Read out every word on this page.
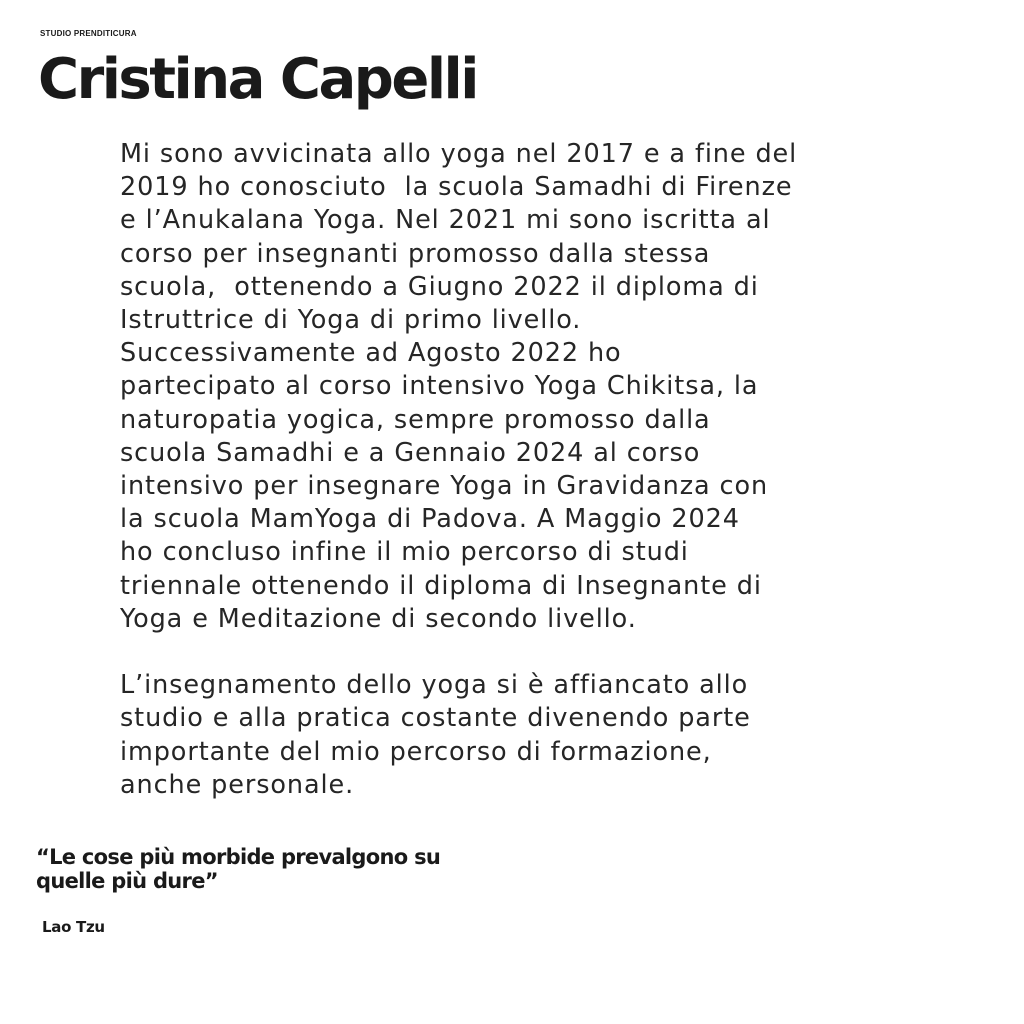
STUDIO PRENDITICURA
Cristina Capelli
Mi sono avvicinata allo yoga nel 2017 e a fine del
2019 ho conosciuto  la scuola Samadhi di Firenze
e l’Anukalana Yoga. Nel 2021 mi sono iscritta al
corso per insegnanti promosso dalla stessa
scuola,  ottenendo a Giugno 2022 il diploma di
Istruttrice di Yoga di primo livello.
Successivamente ad Agosto 2022 ho
partecipato al corso intensivo Yoga Chikitsa, la
naturopatia yogica, sempre promosso dalla
scuola Samadhi e a Gennaio 2024 al corso
intensivo per insegnare Yoga in Gravidanza con
la scuola MamYoga di Padova. A Maggio 2024
ho concluso infine il mio percorso di studi
triennale ottenendo il diploma di Insegnante di
Yoga e Meditazione di secondo livello.
L’insegnamento dello yoga si è affiancato allo
studio e alla pratica costante divenendo parte
importante del mio percorso di formazione,
anche personale.
“Le cose più morbide prevalgono su
quelle più dure”
Lao Tzu
